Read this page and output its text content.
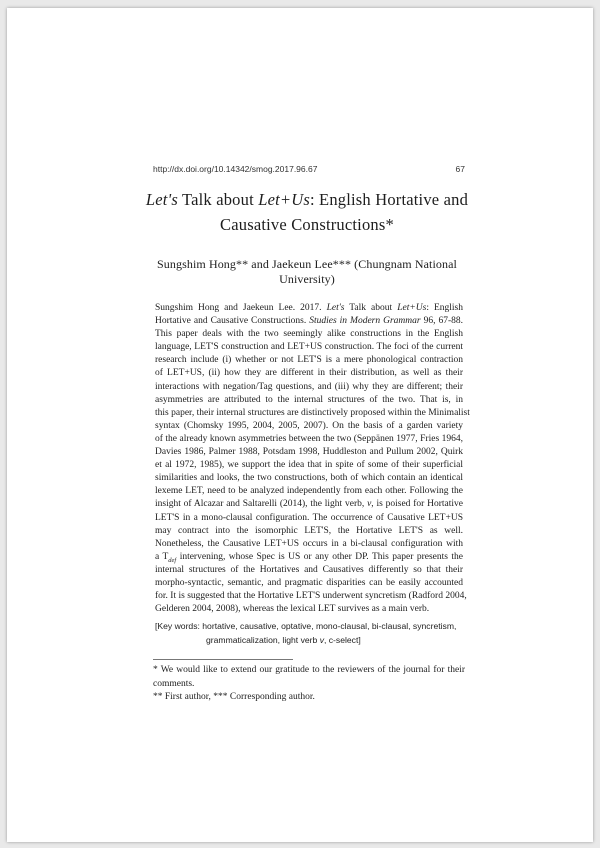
http://dx.doi.org/10.14342/smog.2017.96.67	67
Let's Talk about Let+Us: English Hortative and
Causative Constructions*
Sungshim Hong** and Jaekeun Lee*** (Chungnam National University)
Sungshim Hong and Jaekeun Lee. 2017. Let's Talk about Let+Us: English
Hortative and Causative Constructions. Studies in Modern Grammar 96, 67-88.
This paper deals with the two seemingly alike constructions in the English
language, LET'S construction and LET+US construction. The foci of the current
research include (i) whether or not LET'S is a mere phonological contraction
of LET+US, (ii) how they are different in their distribution, as well as their
interactions with negation/Tag questions, and (iii) why they are different; their
asymmetries are attributed to the internal structures of the two. That is, in
this paper, their internal structures are distinctively proposed within the Minimalist
syntax (Chomsky 1995, 2004, 2005, 2007). On the basis of a garden variety
of the already known asymmetries between the two (Seppänen 1977, Fries 1964,
Davies 1986, Palmer 1988, Potsdam 1998, Huddleston and Pullum 2002, Quirk
et al 1972, 1985), we support the idea that in spite of some of their superficial
similarities and looks, the two constructions, both of which contain an identical
lexeme LET, need to be analyzed independently from each other. Following the
insight of Alcazar and Saltarelli (2014), the light verb, v, is poised for Hortative
LET'S in a mono-clausal configuration. The occurrence of Causative LET+US
may contract into the isomorphic LET'S, the Hortative LET'S as well.
Nonetheless, the Causative LET+US occurs in a bi-clausal configuration with
a $T_{def}$ intervening, whose Spec is US or any other DP. This paper presents the
internal structures of the Hortatives and Causatives differently so that their
morpho-syntactic, semantic, and pragmatic disparities can be easily accounted
for. It is suggested that the Hortative LET'S underwent syncretism (Radford 2004,
Gelderen 2004, 2008), whereas the lexical LET survives as a main verb.
[Key words: hortative, causative, optative, mono-clausal, bi-clausal, syncretism,
grammaticalization, light verb v, c-select]
* We would like to extend our gratitude to the reviewers of the journal for their
comments.
** First author, *** Corresponding author.
